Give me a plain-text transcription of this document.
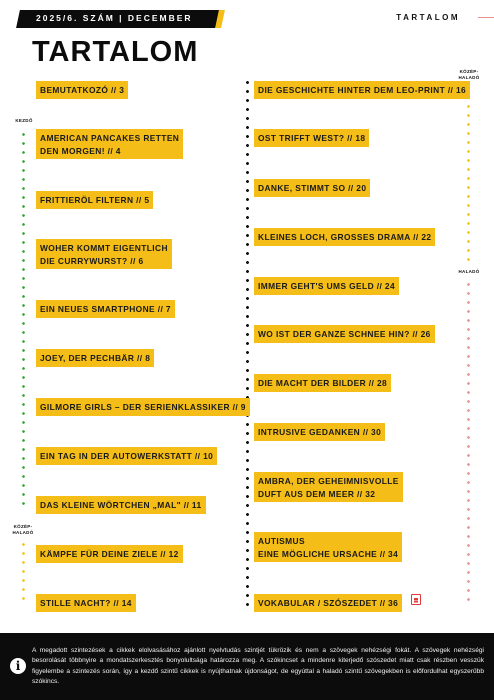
2025/6. SZÁM | DECEMBER	TARTALOM
TARTALOM
KEZDŐ
KÖZÉP-
HALADÓ
KÖZÉP-
HALADÓ
HALADÓ
BEMUTATKOZÓ // 3
AMERICAN PANCAKES RETTEN
DEN MORGEN! // 4
FRITTIERÖL FILTERN // 5
WOHER KOMMT EIGENTLICH
DIE CURRYWURST? // 6
EIN NEUES SMARTPHONE // 7
JOEY, DER PECHBÄR // 8
GILMORE GIRLS – DER SERIENKLASSIKER // 9
EIN TAG IN DER AUTOWERKSTATT // 10
DAS KLEINE WÖRTCHEN „MAL" // 11
KÄMPFE FÜR DEINE ZIELE // 12
STILLE NACHT? // 14
DIE GESCHICHTE HINTER DEM LEO-PRINT // 16
OST TRIFFT WEST? // 18
DANKE, STIMMT SO // 20
KLEINES LOCH, GROSSES DRAMA // 22
IMMER GEHT'S UMS GELD // 24
WO IST DER GANZE SCHNEE HIN? // 26
DIE MACHT DER BILDER // 28
INTRUSIVE GEDANKEN // 30
AMBRA, DER GEHEIMNISVOLLE
DUFT AUS DEM MEER // 32
AUTISMUS
EINE MÖGLICHE URSACHE // 34
VOKABULAR / SZÓSZEDET // 36
i
A megadott szintezések a cikkek elolvasásához ajánlott nyelvtudás szintjét tükrözik és nem a szövegek nehézségi fokát. A szövegek nehézségi besorolását többnyire a mondatszerkesztés bonyolultsága határozza meg. A szókincset a mindenre kiterjedő szószedet miatt csak részben vesszük figyelembe a szintezés során, így a kezdő szintű cikkek is nyújthatnak újdonságot, de egyúttal a haladó szintű szövegekben is előfordulhat egyszerűbb szókincs.
